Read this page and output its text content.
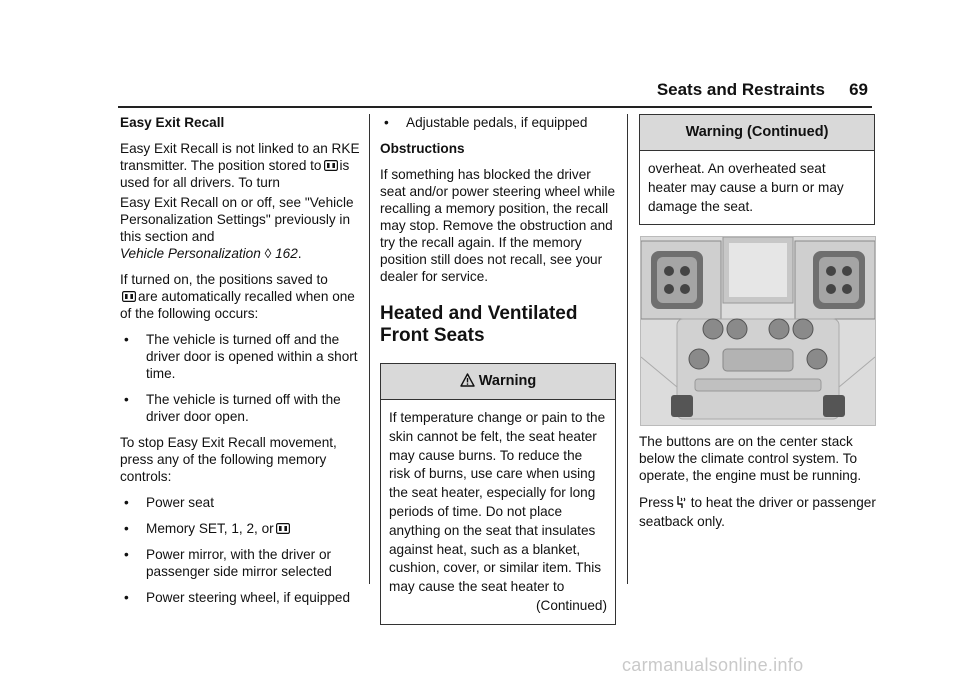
Seats and Restraints 69

Easy Exit Recall

Easy Exit Recall is not linked to an RKE transmitter. The position stored to is used for all drivers. To turn

Easy Exit Recall on or off, see "Vehicle Personalization Settings" previously in this section and
Vehicle Personalization ◊ 162.

If turned on, the positions saved to
are automatically recalled when one of the following occurs:

• The vehicle is turned off and the driver door is opened within a short time.
• The vehicle is turned off with the driver door open.

To stop Easy Exit Recall movement, press any of the following memory controls:

• Power seat
• Memory SET, 1, 2, or
• Power mirror, with the driver or passenger side mirror selected
• Power steering wheel, if equipped
• Adjustable pedals, if equipped

Obstructions

If something has blocked the driver seat and/or power steering wheel while recalling a memory position, the recall may stop. Remove the obstruction and try the recall again. If the memory position still does not recall, see your dealer for service.

Heated and Ventilated Front Seats
Warning
If temperature change or pain to the skin cannot be felt, the seat heater may cause burns. To reduce the risk of burns, use care when using the seat heater, especially for long periods of time. Do not place anything on the seat that insulates against heat, such as a blanket, cushion, cover, or similar item. This may cause the seat heater to
(Continued)
Warning (Continued)
overheat. An overheated seat heater may cause a burn or may damage the seat.

The buttons are on the center stack below the climate control system. To operate, the engine must be running.

Press to heat the driver or passenger seatback only.

carmanualsonline.info
